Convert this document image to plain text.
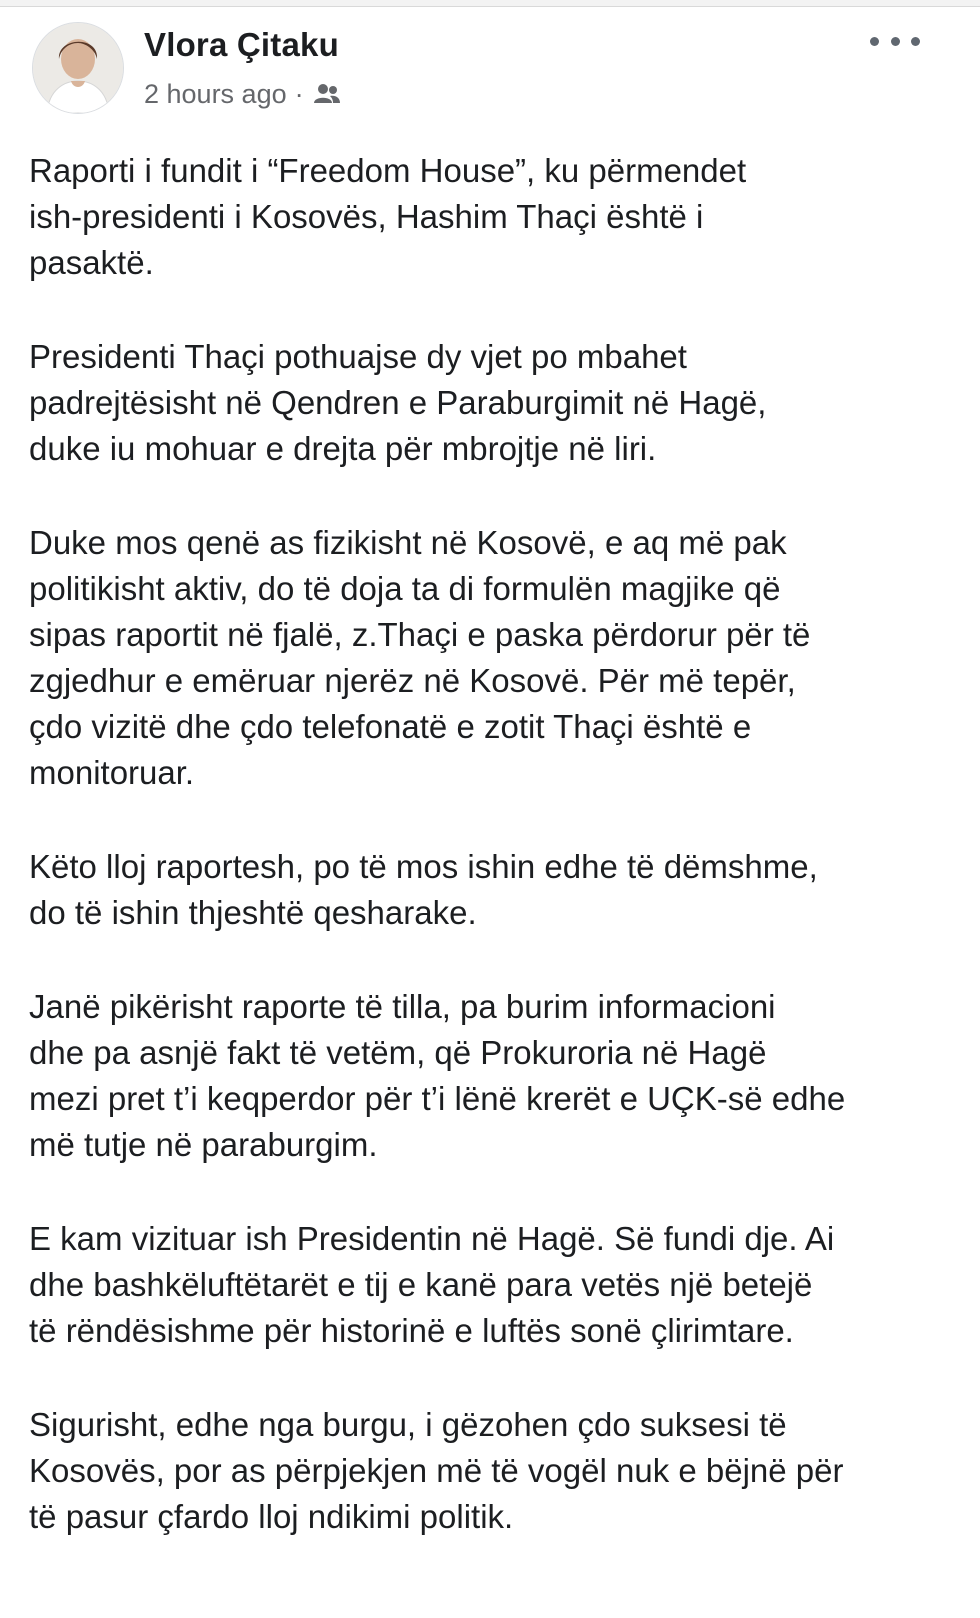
Vlora Çitaku
2 hours ago ·

Raporti i fundit i “Freedom House”, ku përmendet
ish-presidenti i Kosovës, Hashim Thaçi është i
pasaktë.

Presidenti Thaçi pothuajse dy vjet po mbahet
padrejtësisht në Qendren e Paraburgimit në Hagë,
duke iu mohuar e drejta për mbrojtje në liri.

Duke mos qenë as fizikisht në Kosovë, e aq më pak
politikisht aktiv, do të doja ta di formulën magjike që
sipas raportit në fjalë, z.Thaçi e paska përdorur për të
zgjedhur e emëruar njerëz në Kosovë. Për më tepër,
çdo vizitë dhe çdo telefonatë e zotit Thaçi është e
monitoruar.

Këto lloj raportesh, po të mos ishin edhe të dëmshme,
do të ishin thjeshtë qesharake.

Janë pikërisht raporte të tilla, pa burim informacioni
dhe pa asnjë fakt të vetëm, që Prokuroria në Hagë
mezi pret t’i keqperdor për t’i lënë krerët e UÇK-së edhe
më tutje në paraburgim.

E kam vizituar ish Presidentin në Hagë. Së fundi dje. Ai
dhe bashkëluftëtarët e tij e kanë para vetës një betejë
të rëndësishme për historinë e luftës sonë çlirimtare.

Sigurisht, edhe nga burgu, i gëzohen çdo suksesi të
Kosovës, por as përpjekjen më të vogël nuk e bëjnë për
të pasur çfardo lloj ndikimi politik.
